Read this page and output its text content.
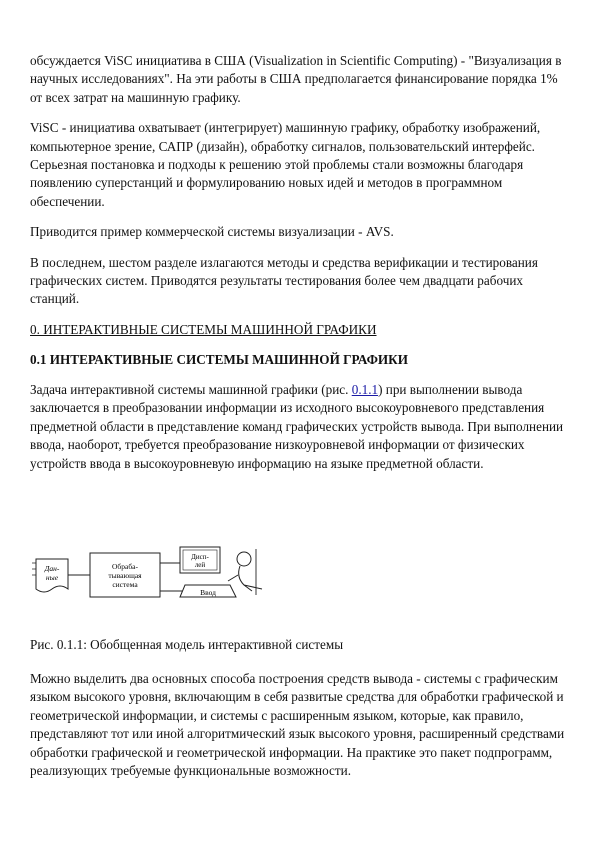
обсуждается ViSC инициатива в США (Visualization in Scientific Computing) - "Визуализация в научных исследованиях". На эти работы в США предполагается финансирование порядка 1% от всех затрат на машинную графику.

ViSC - инициатива охватывает (интегрирует) машинную графику, обработку изображений, компьютерное зрение, САПР (дизайн), обработку сигналов, пользовательский интерфейс. Серьезная постановка и подходы к решению этой проблемы стали возможны благодаря появлению суперстанций и формулированию новых идей и методов в программном обеспечении.

Приводится пример коммерческой системы визуализации - AVS.

В последнем, шестом разделе излагаются методы и средства верификации и тестирования графических систем. Приводятся результаты тестирования более чем двадцати рабочих станций.

0. ИНТЕРАКТИВНЫЕ СИСТЕМЫ МАШИННОЙ ГРАФИКИ
0.1 ИНТЕРАКТИВНЫЕ СИСТЕМЫ МАШИННОЙ ГРАФИКИ

Задача интерактивной системы машинной графики (рис. 0.1.1) при выполнении вывода заключается в преобразовании информации из исходного высокоуровневого представления предметной области в представление команд графических устройств вывода. При выполнении ввода, наоборот, требуется преобразование низкоуровневой информации от физических устройств ввода в высокоуровневую информацию на языке предметной области.

Дан-
ные
Обраба-
тывающая
система
Дисп-
лей
Ввод
Рис. 0.1.1: Обобщенная модель интерактивной системы

Можно выделить два основных способа построения средств вывода - системы с графическим языком высокого уровня, включающим в себя развитые средства для обработки графической и геометрической информации, и системы с расширенным языком, которые, как правило, представляют тот или иной алгоритмический язык высокого уровня, расширенный средствами обработки графической и геометрической информации. На практике это пакет подпрограмм, реализующих требуемые функциональные возможности.
